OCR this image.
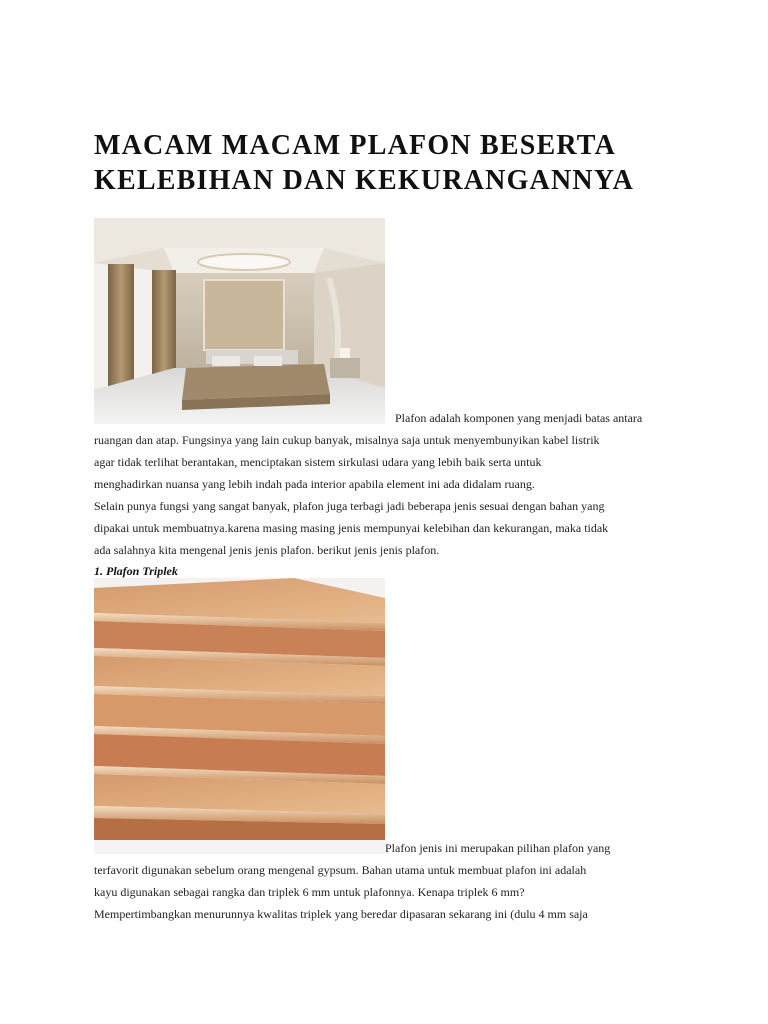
MACAM MACAM PLAFON BESERTA
KELEBIHAN DAN KEKURANGANNYA
Plafon adalah komponen yang menjadi batas antara
ruangan dan atap. Fungsinya yang lain cukup banyak, misalnya saja untuk menyembunyikan kabel listrik
agar tidak terlihat berantakan, menciptakan sistem sirkulasi udara yang lebih baik serta untuk
menghadirkan nuansa yang lebih indah pada interior apabila element ini ada didalam ruang.
Selain punya fungsi yang sangat banyak, plafon juga terbagi jadi beberapa jenis sesuai dengan bahan yang
dipakai untuk membuatnya.karena masing masing jenis mempunyai kelebihan dan kekurangan, maka tidak
ada salahnya kita mengenal jenis jenis plafon. berikut jenis jenis plafon.
1. Plafon Triplek
Plafon jenis ini merupakan pilihan plafon yang
terfavorit digunakan sebelum orang mengenal gypsum. Bahan utama untuk membuat plafon ini adalah
kayu digunakan sebagai rangka dan triplek 6 mm untuk plafonnya. Kenapa triplek 6 mm?
Mempertimbangkan menurunnya kwalitas triplek yang beredar dipasaran sekarang ini (dulu 4 mm saja
